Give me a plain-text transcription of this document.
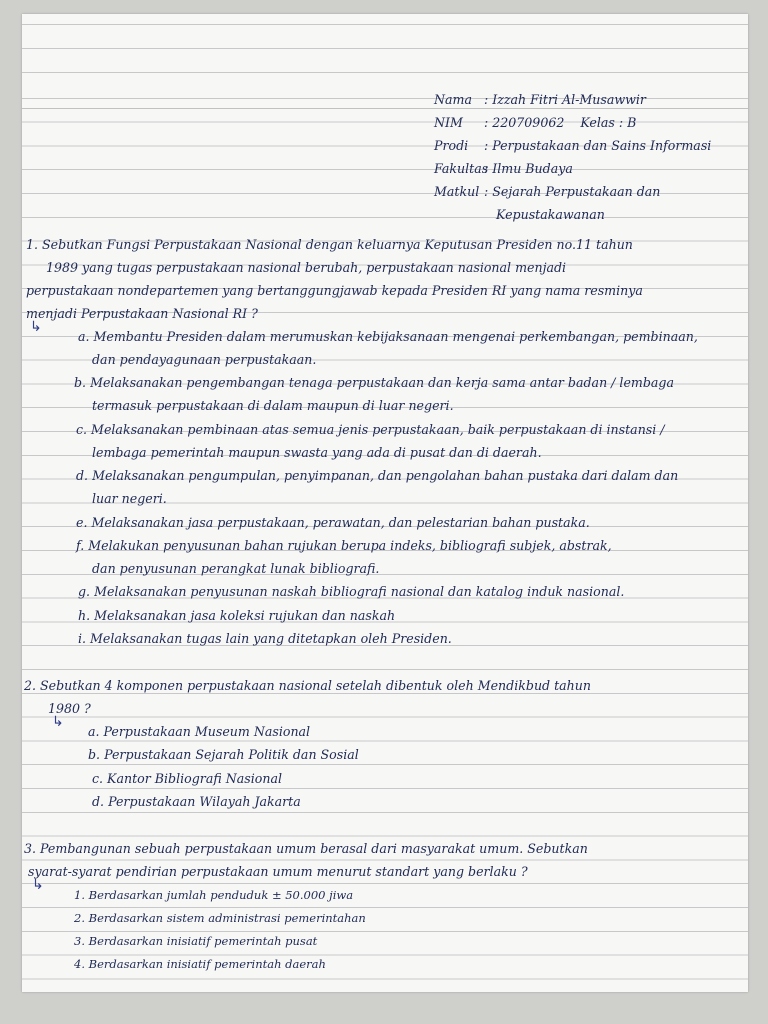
Nama : Izzah Fitri Al-Musawwir
NIM : 220709062 Kelas : B
Prodi : Perpustakaan dan Sains Informasi
Fakultas: Ilmu Budaya
Matkul : Sejarah Perpustakaan dan
Kepustakawanan
1. Sebutkan Fungsi Perpustakaan Nasional dengan keluarnya Keputusan Presiden no.11 tahun
1989 yang tugas perpustakaan nasional berubah, perpustakaan nasional menjadi
perpustakaan nondepartemen yang bertanggungjawab kepada Presiden RI yang nama resminya
menjadi Perpustakaan Nasional RI ?
↳
a. Membantu Presiden dalam merumuskan kebijaksanaan mengenai perkembangan, pembinaan,
dan pendayagunaan perpustakaan.
b. Melaksanakan pengembangan tenaga perpustakaan dan kerja sama antar badan / lembaga
termasuk perpustakaan di dalam maupun di luar negeri.
c. Melaksanakan pembinaan atas semua jenis perpustakaan, baik perpustakaan di instansi /
lembaga pemerintah maupun swasta yang ada di pusat dan di daerah.
d. Melaksanakan pengumpulan, penyimpanan, dan pengolahan bahan pustaka dari dalam dan
luar negeri.
e. Melaksanakan jasa perpustakaan, perawatan, dan pelestarian bahan pustaka.
f. Melakukan penyusunan bahan rujukan berupa indeks, bibliografi subjek, abstrak,
dan penyusunan perangkat lunak bibliografi.
g. Melaksanakan penyusunan naskah bibliografi nasional dan katalog induk nasional.
h. Melaksanakan jasa koleksi rujukan dan naskah
i. Melaksanakan tugas lain yang ditetapkan oleh Presiden.
2. Sebutkan 4 komponen perpustakaan nasional setelah dibentuk oleh Mendikbud tahun
1980 ?
↳
a. Perpustakaan Museum Nasional
b. Perpustakaan Sejarah Politik dan Sosial
c. Kantor Bibliografi Nasional
d. Perpustakaan Wilayah Jakarta
3. Pembangunan sebuah perpustakaan umum berasal dari masyarakat umum. Sebutkan
syarat-syarat pendirian perpustakaan umum menurut standart yang berlaku ?
↳
1. Berdasarkan jumlah penduduk ± 50.000 jiwa
2. Berdasarkan sistem administrasi pemerintahan
3. Berdasarkan inisiatif pemerintah pusat
4. Berdasarkan inisiatif pemerintah daerah
